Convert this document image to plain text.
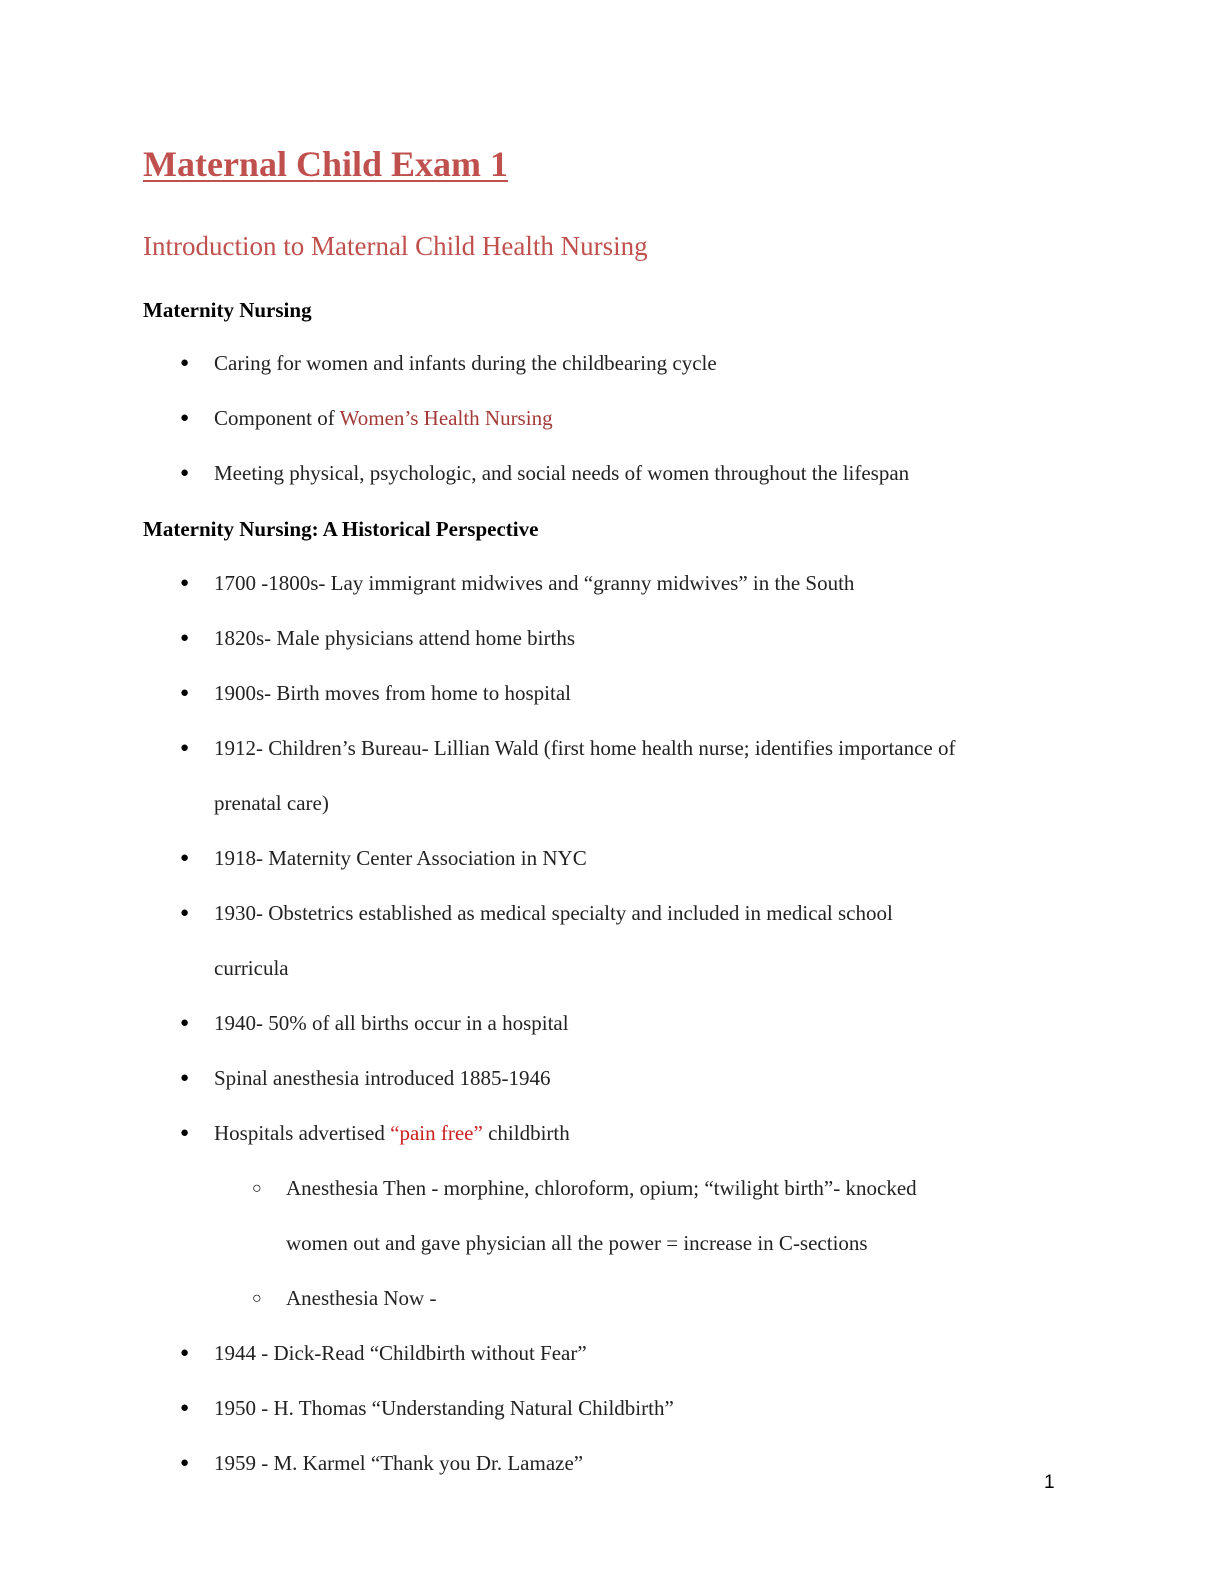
Maternal Child Exam 1
Introduction to Maternal Child Health Nursing
Maternity Nursing
● Caring for women and infants during the childbearing cycle
● Component of Women’s Health Nursing
● Meeting physical, psychologic, and social needs of women throughout the lifespan
Maternity Nursing: A Historical Perspective
● 1700 -1800s- Lay immigrant midwives and “granny midwives” in the South
● 1820s- Male physicians attend home births
● 1900s- Birth moves from home to hospital
● 1912- Children’s Bureau- Lillian Wald (first home health nurse; identifies importance of
prenatal care)
● 1918- Maternity Center Association in NYC
● 1930- Obstetrics established as medical specialty and included in medical school
curricula
● 1940- 50% of all births occur in a hospital
● Spinal anesthesia introduced 1885-1946
● Hospitals advertised “pain free” childbirth
○ Anesthesia Then - morphine, chloroform, opium; “twilight birth”- knocked
women out and gave physician all the power = increase in C-sections
○ Anesthesia Now -
● 1944 - Dick-Read “Childbirth without Fear”
● 1950 - H. Thomas “Understanding Natural Childbirth”
● 1959 - M. Karmel “Thank you Dr. Lamaze”
1
